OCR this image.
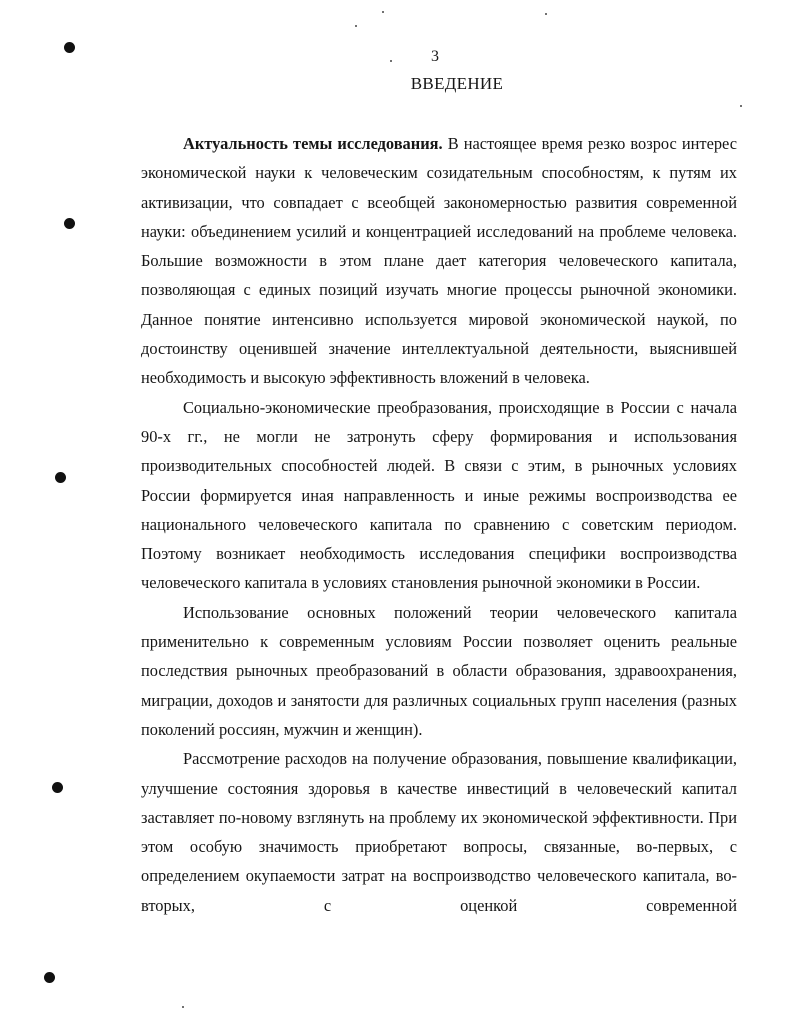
3
ВВЕДЕНИЕ

Актуальность темы исследования. В настоящее время резко возрос интерес экономической науки к человеческим созидательным способностям, к путям их активизации, что совпадает с всеобщей закономерностью развития современной науки: объединением усилий и концентрацией исследований на проблеме человека. Большие возможности в этом плане дает категория человеческого капитала, позволяющая с единых позиций изучать многие процессы рыночной экономики. Данное понятие интенсивно используется мировой экономической наукой, по достоинству оценившей значение интеллектуальной деятельности, выяснившей необходимость и высокую эффективность вложений в человека.

Социально-экономические преобразования, происходящие в России с начала 90-х гг., не могли не затронуть сферу формирования и использования производительных способностей людей. В связи с этим, в рыночных условиях России формируется иная направленность и иные режимы воспроизводства ее национального человеческого капитала по сравнению с советским периодом. Поэтому возникает необходимость исследования специфики воспроизводства человеческого капитала в условиях становления рыночной экономики в России.

Использование основных положений теории человеческого капитала применительно к современным условиям России позволяет оценить реальные последствия рыночных преобразований в области образования, здравоохранения, миграции, доходов и занятости для различных социальных групп населения (разных поколений россиян, мужчин и женщин).

Рассмотрение расходов на получение образования, повышение квалификации, улучшение состояния здоровья в качестве инвестиций в человеческий капитал заставляет по-новому взглянуть на проблему их экономической эффективности. При этом особую значимость приобретают вопросы, связанные, во-первых, с определением окупаемости затрат на воспроизводство человеческого капитала, во-вторых, с оценкой современной
